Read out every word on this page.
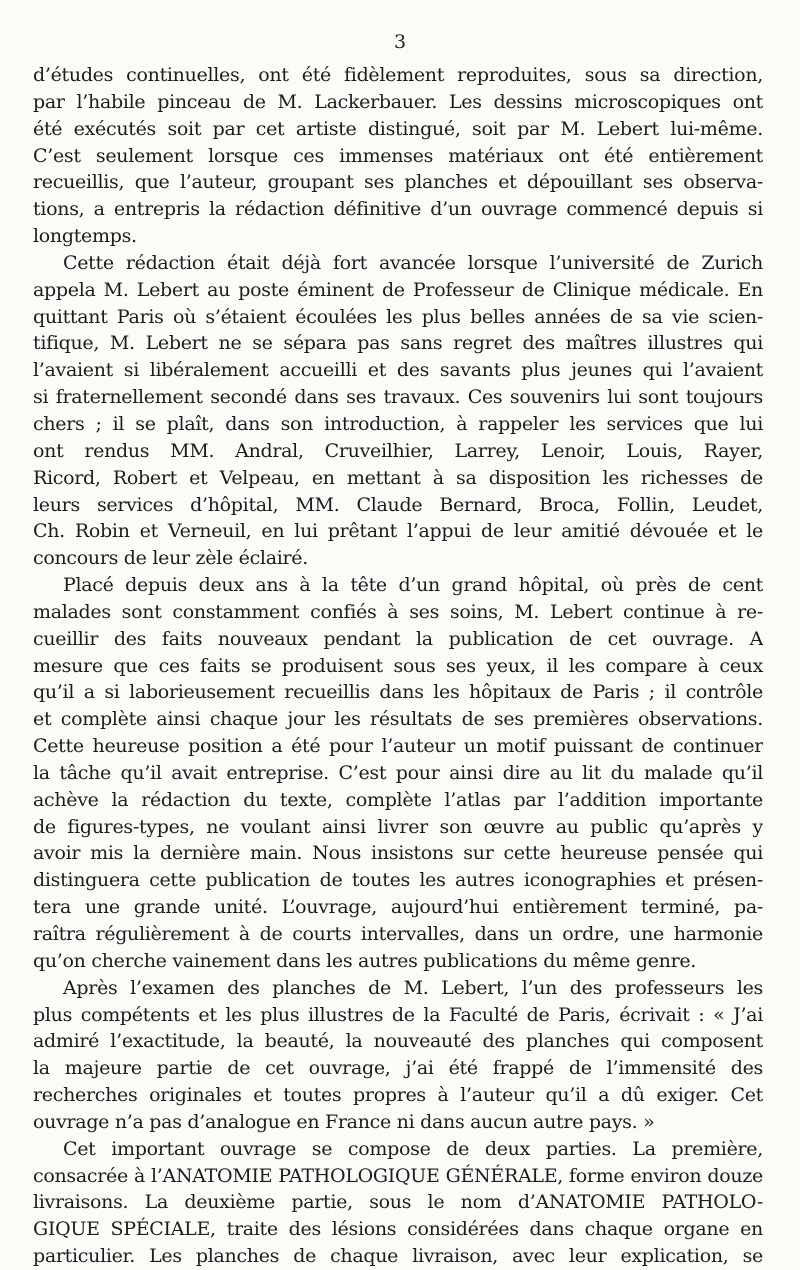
3
d’études continuelles, ont été fidèlement reproduites, sous sa direction,
par l’habile pinceau de M. Lackerbauer. Les dessins microscopiques ont
été exécutés soit par cet artiste distingué, soit par M. Lebert lui-même.
C’est seulement lorsque ces immenses matériaux ont été entièrement
recueillis, que l’auteur, groupant ses planches et dépouillant ses observa-
tions, a entrepris la rédaction définitive d’un ouvrage commencé depuis si
longtemps.
Cette rédaction était déjà fort avancée lorsque l’université de Zurich
appela M. Lebert au poste éminent de Professeur de Clinique médicale. En
quittant Paris où s’étaient écoulées les plus belles années de sa vie scien-
tifique, M. Lebert ne se sépara pas sans regret des maîtres illustres qui
l’avaient si libéralement accueilli et des savants plus jeunes qui l’avaient
si fraternellement secondé dans ses travaux. Ces souvenirs lui sont toujours
chers ; il se plaît, dans son introduction, à rappeler les services que lui
ont rendus MM. Andral, Cruveilhier, Larrey, Lenoir, Louis, Rayer,
Ricord, Robert et Velpeau, en mettant à sa disposition les richesses de
leurs services d’hôpital, MM. Claude Bernard, Broca, Follin, Leudet,
Ch. Robin et Verneuil, en lui prêtant l’appui de leur amitié dévouée et le
concours de leur zèle éclairé.
Placé depuis deux ans à la tête d’un grand hôpital, où près de cent
malades sont constamment confiés à ses soins, M. Lebert continue à re-
cueillir des faits nouveaux pendant la publication de cet ouvrage. A
mesure que ces faits se produisent sous ses yeux, il les compare à ceux
qu’il a si laborieusement recueillis dans les hôpitaux de Paris ; il contrôle
et complète ainsi chaque jour les résultats de ses premières observations.
Cette heureuse position a été pour l’auteur un motif puissant de continuer
la tâche qu’il avait entreprise. C’est pour ainsi dire au lit du malade qu’il
achève la rédaction du texte, complète l’atlas par l’addition importante
de figures-types, ne voulant ainsi livrer son œuvre au public qu’après y
avoir mis la dernière main. Nous insistons sur cette heureuse pensée qui
distinguera cette publication de toutes les autres iconographies et présen-
tera une grande unité. L’ouvrage, aujourd’hui entièrement terminé, pa-
raîtra régulièrement à de courts intervalles, dans un ordre, une harmonie
qu’on cherche vainement dans les autres publications du même genre.
Après l’examen des planches de M. Lebert, l’un des professeurs les
plus compétents et les plus illustres de la Faculté de Paris, écrivait : « J’ai
admiré l’exactitude, la beauté, la nouveauté des planches qui composent
la majeure partie de cet ouvrage, j’ai été frappé de l’immensité des
recherches originales et toutes propres à l’auteur qu’il a dû exiger. Cet
ouvrage n’a pas d’analogue en France ni dans aucun autre pays. »
Cet important ouvrage se compose de deux parties. La première,
consacrée à l’ANATOMIE PATHOLOGIQUE GÉNÉRALE, forme environ douze
livraisons. La deuxième partie, sous le nom d’ANATOMIE PATHOLO-
GIQUE SPÉCIALE, traite des lésions considérées dans chaque organe en
particulier. Les planches de chaque livraison, avec leur explication, se
